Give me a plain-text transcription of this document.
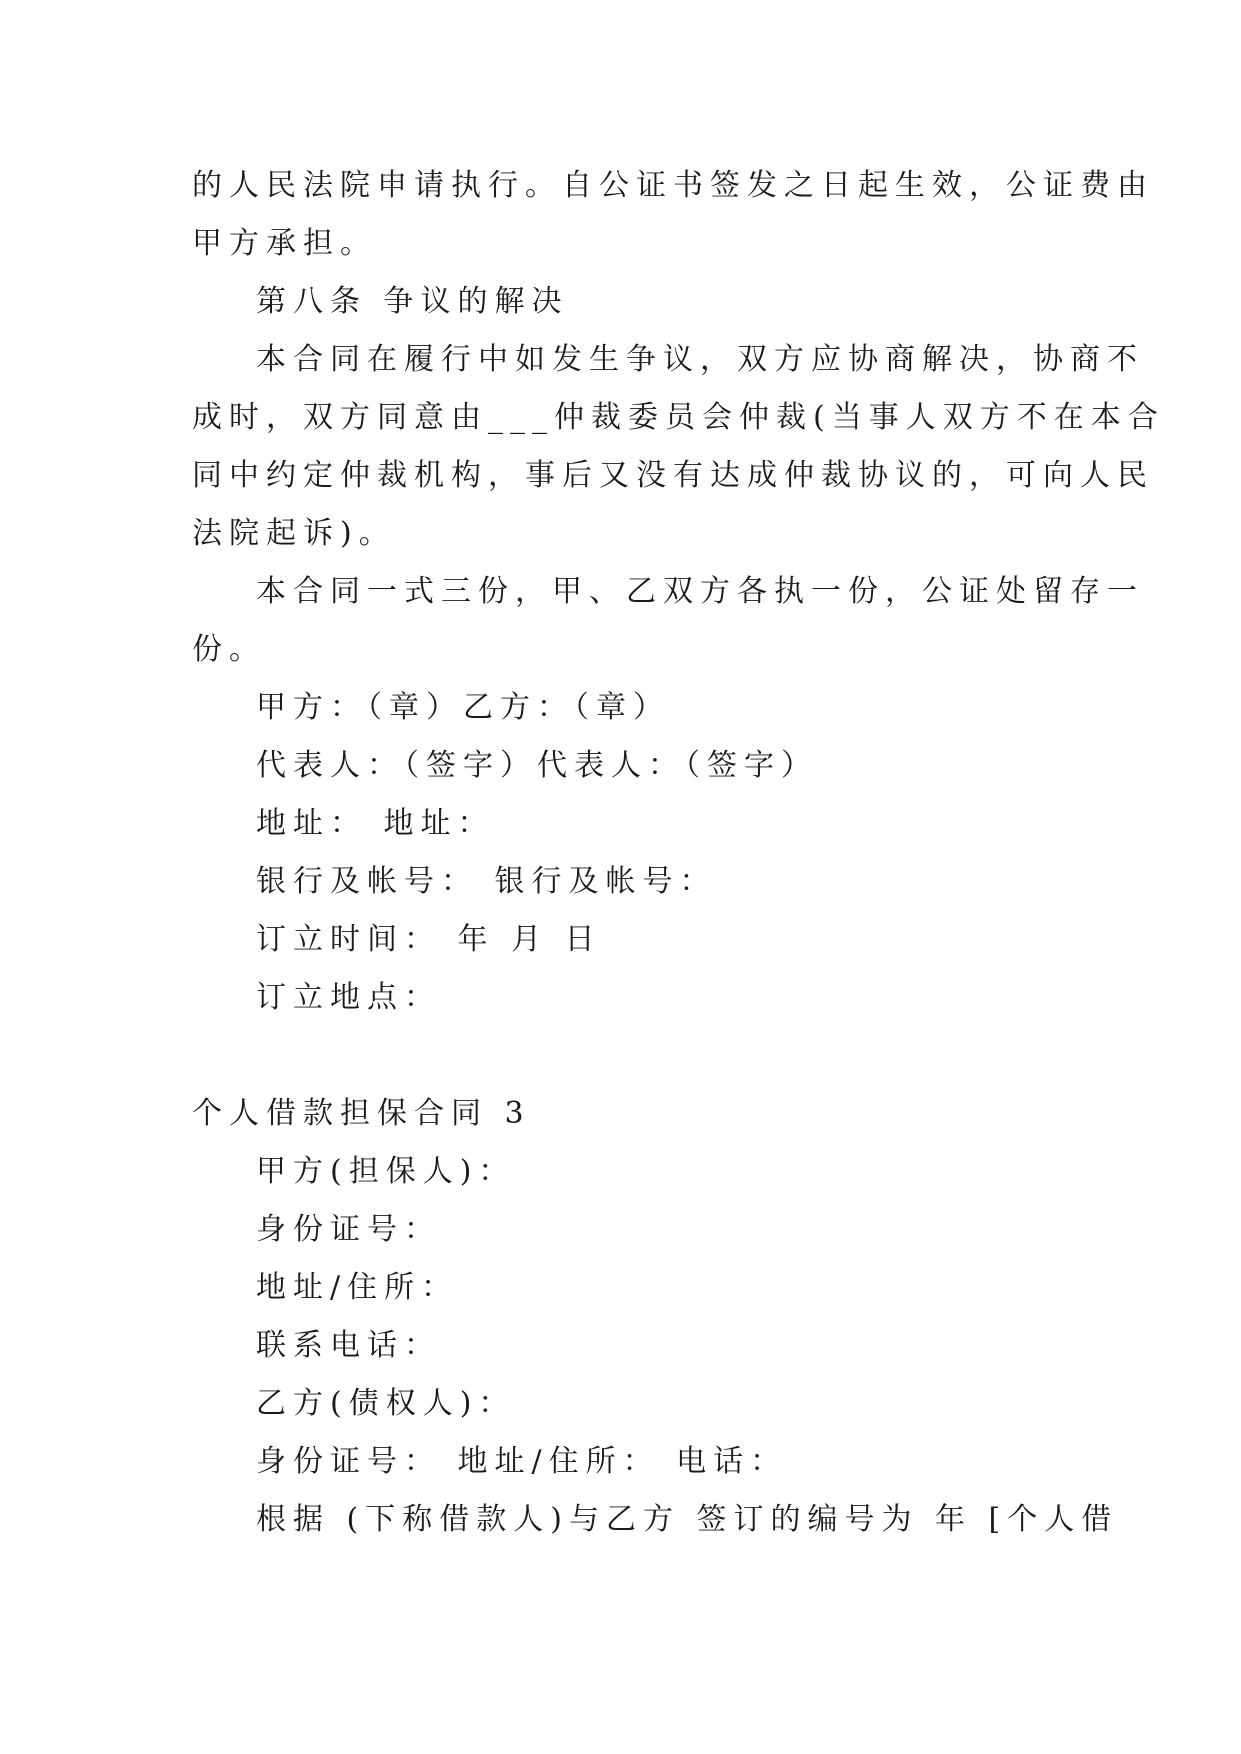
的人民法院申请执行。自公证书签发之日起生效，公证费由
甲方承担。
第八条 争议的解决
本合同在履行中如发生争议，双方应协商解决，协商不
成时，双方同意由___仲裁委员会仲裁(当事人双方不在本合
同中约定仲裁机构，事后又没有达成仲裁协议的，可向人民
法院起诉)。
本合同一式三份，甲、乙双方各执一份，公证处留存一
份。
甲方：（章）乙方：（章）
代表人：（签字）代表人：（签字）
地址： 地址：
银行及帐号： 银行及帐号：
订立时间： 年 月 日
订立地点：
个人借款担保合同 3
甲方(担保人)：
身份证号：
地址/住所：
联系电话：
乙方(债权人)：
身份证号： 地址/住所： 电话：
根据 (下称借款人)与乙方 签订的编号为 年 [个人借
